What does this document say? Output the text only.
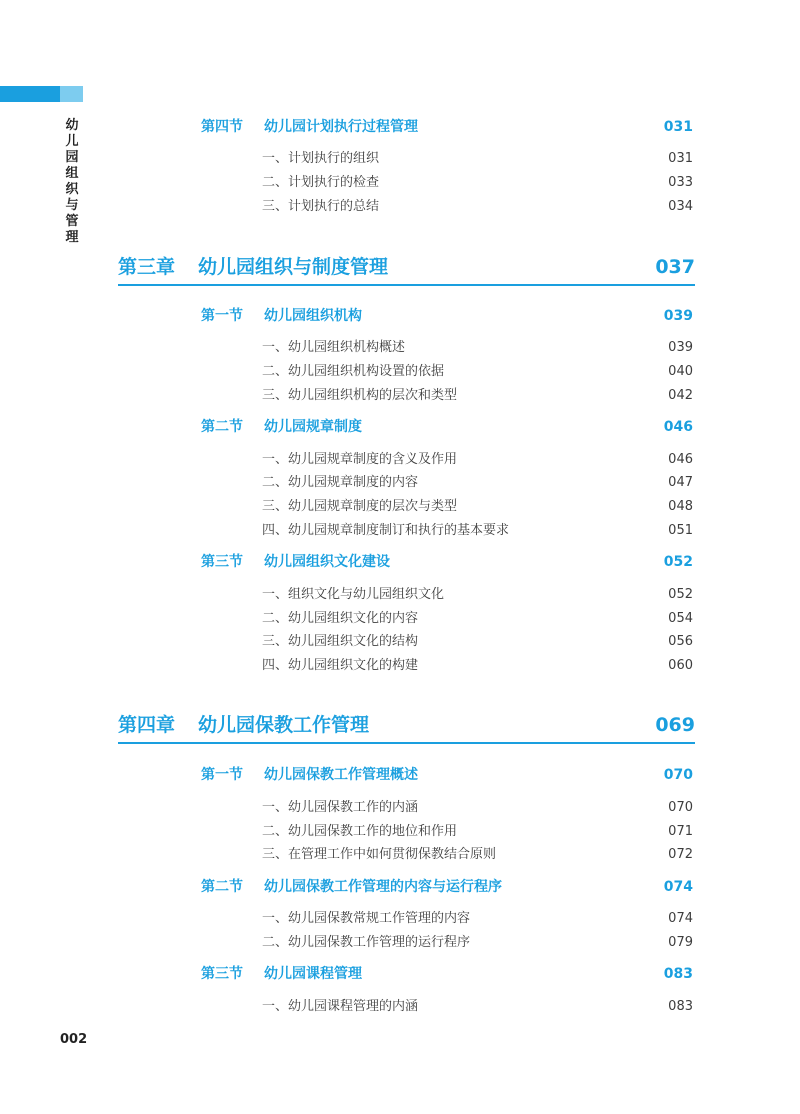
幼儿园组织与管理
002
第四节 幼儿园计划执行过程管理	031
一、计划执行的组织	031
二、计划执行的检查	033
三、计划执行的总结	034
第三章 幼儿园组织与制度管理	037
第一节 幼儿园组织机构	039
一、幼儿园组织机构概述	039
二、幼儿园组织机构设置的依据	040
三、幼儿园组织机构的层次和类型	042
第二节 幼儿园规章制度	046
一、幼儿园规章制度的含义及作用	046
二、幼儿园规章制度的内容	047
三、幼儿园规章制度的层次与类型	048
四、幼儿园规章制度制订和执行的基本要求	051
第三节 幼儿园组织文化建设	052
一、组织文化与幼儿园组织文化	052
二、幼儿园组织文化的内容	054
三、幼儿园组织文化的结构	056
四、幼儿园组织文化的构建	060
第四章 幼儿园保教工作管理	069
第一节 幼儿园保教工作管理概述	070
一、幼儿园保教工作的内涵	070
二、幼儿园保教工作的地位和作用	071
三、在管理工作中如何贯彻保教结合原则	072
第二节 幼儿园保教工作管理的内容与运行程序	074
一、幼儿园保教常规工作管理的内容	074
二、幼儿园保教工作管理的运行程序	079
第三节 幼儿园课程管理	083
一、幼儿园课程管理的内涵	083
